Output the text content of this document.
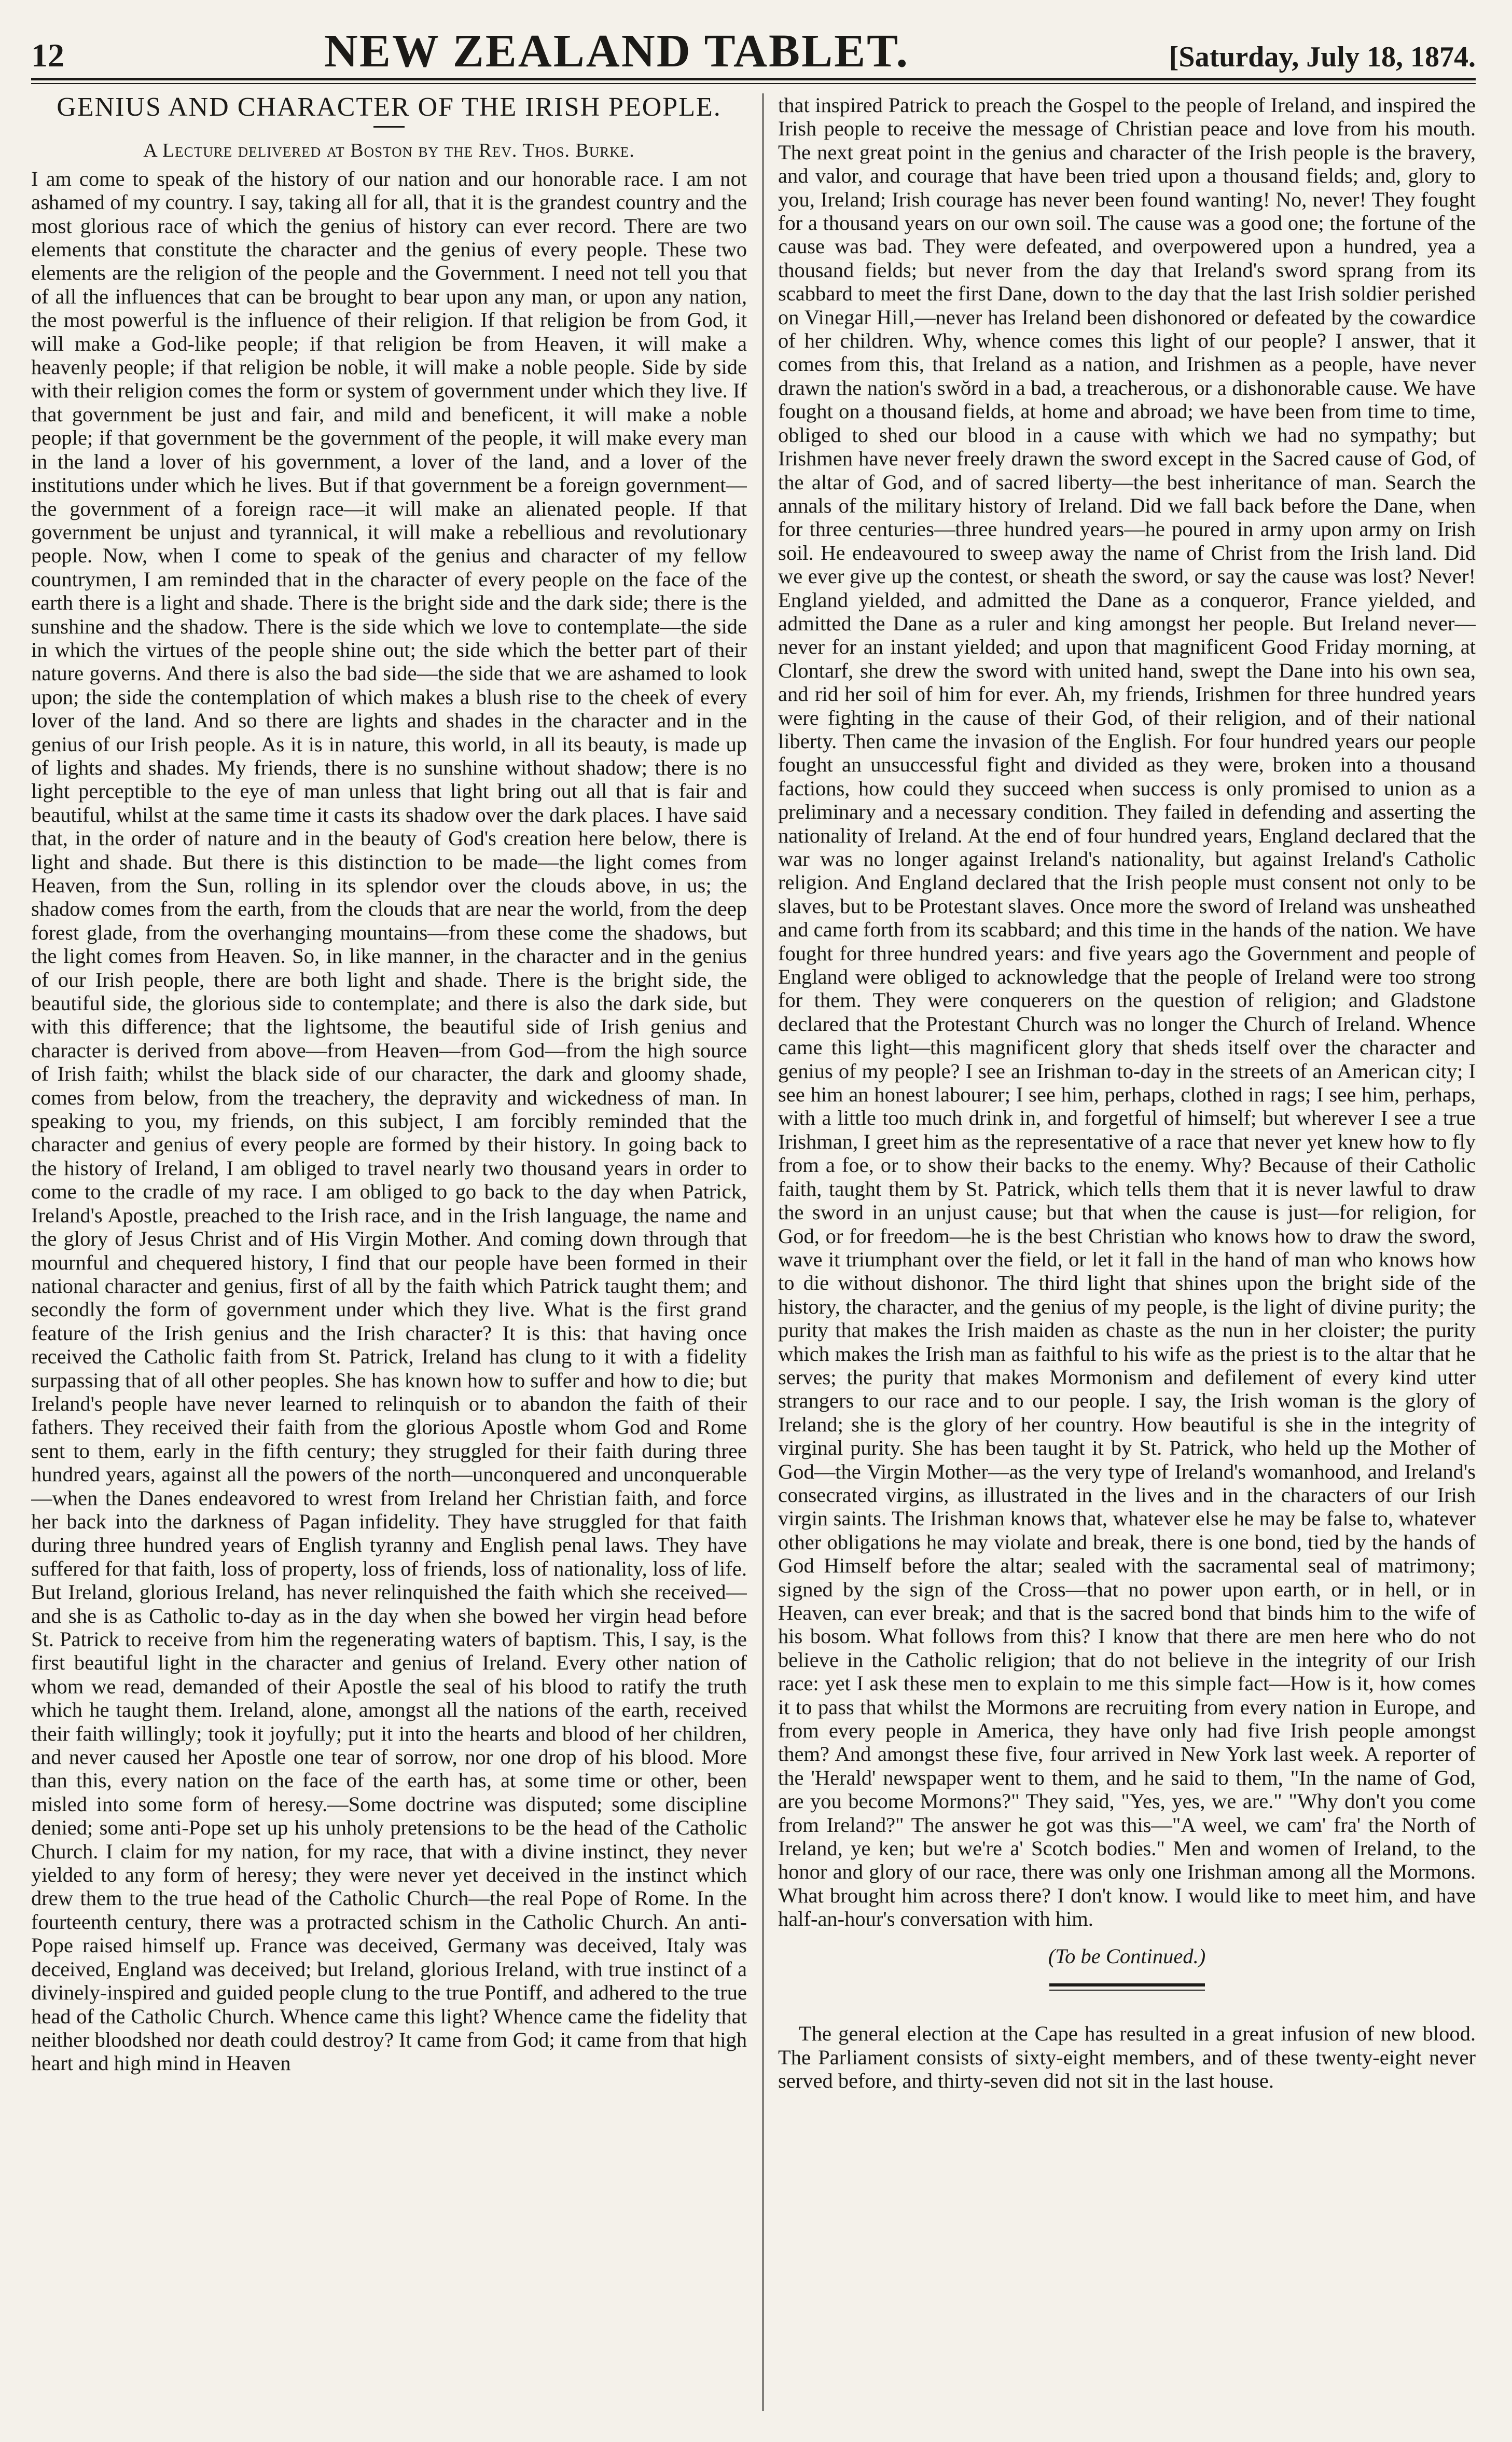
12	NEW ZEALAND TABLET.	[Saturday, July 18, 1874.
GENIUS AND CHARACTER OF THE IRISH PEOPLE.
A Lecture delivered at Boston by the Rev. Thos. Burke.

I am come to speak of the history of our nation and our honorable race. I am not ashamed of my country. I say, taking all for all, that it is the grandest country and the most glorious race of which the genius of history can ever record. There are two elements that constitute the character and the genius of every people. These two elements are the religion of the people and the Government. I need not tell you that of all the influences that can be brought to bear upon any man, or upon any nation, the most powerful is the influence of their religion. If that religion be from God, it will make a God-like people; if that religion be from Heaven, it will make a heavenly people; if that religion be noble, it will make a noble people. Side by side with their religion comes the form or system of government under which they live. If that government be just and fair, and mild and beneficent, it will make a noble people; if that government be the government of the people, it will make every man in the land a lover of his government, a lover of the land, and a lover of the institutions under which he lives. But if that government be a foreign government—the government of a foreign race—it will make an alienated people. If that government be unjust and tyrannical, it will make a rebellious and revolutionary people. Now, when I come to speak of the genius and character of my fellow countrymen, I am reminded that in the character of every people on the face of the earth there is a light and shade. There is the bright side and the dark side; there is the sunshine and the shadow. There is the side which we love to contemplate—the side in which the virtues of the people shine out; the side which the better part of their nature governs. And there is also the bad side—the side that we are ashamed to look upon; the side the contemplation of which makes a blush rise to the cheek of every lover of the land. And so there are lights and shades in the character and in the genius of our Irish people. As it is in nature, this world, in all its beauty, is made up of lights and shades. My friends, there is no sunshine without shadow; there is no light perceptible to the eye of man unless that light bring out all that is fair and beautiful, whilst at the same time it casts its shadow over the dark places. I have said that, in the order of nature and in the beauty of God's creation here below, there is light and shade. But there is this distinction to be made—the light comes from Heaven, from the Sun, rolling in its splendor over the clouds above, in us; the shadow comes from the earth, from the clouds that are near the world, from the deep forest glade, from the overhanging mountains—from these come the shadows, but the light comes from Heaven. So, in like manner, in the character and in the genius of our Irish people, there are both light and shade. There is the bright side, the beautiful side, the glorious side to contemplate; and there is also the dark side, but with this difference; that the lightsome, the beautiful side of Irish genius and character is derived from above—from Heaven—from God—from the high source of Irish faith; whilst the black side of our character, the dark and gloomy shade, comes from below, from the treachery, the depravity and wickedness of man. In speaking to you, my friends, on this subject, I am forcibly reminded that the character and genius of every people are formed by their history. In going back to the history of Ireland, I am obliged to travel nearly two thousand years in order to come to the cradle of my race. I am obliged to go back to the day when Patrick, Ireland's Apostle, preached to the Irish race, and in the Irish language, the name and the glory of Jesus Christ and of His Virgin Mother. And coming down through that mournful and chequered history, I find that our people have been formed in their national character and genius, first of all by the faith which Patrick taught them; and secondly the form of government under which they live. What is the first grand feature of the Irish genius and the Irish character? It is this: that having once received the Catholic faith from St. Patrick, Ireland has clung to it with a fidelity surpassing that of all other peoples. She has known how to suffer and how to die; but Ireland's people have never learned to relinquish or to abandon the faith of their fathers. They received their faith from the glorious Apostle whom God and Rome sent to them, early in the fifth century; they struggled for their faith during three hundred years, against all the powers of the north—unconquered and unconquerable—when the Danes endeavored to wrest from Ireland her Christian faith, and force her back into the darkness of Pagan infidelity. They have struggled for that faith during three hundred years of English tyranny and English penal laws. They have suffered for that faith, loss of property, loss of friends, loss of nationality, loss of life. But Ireland, glorious Ireland, has never relinquished the faith which she received—and she is as Catholic to-day as in the day when she bowed her virgin head before St. Patrick to receive from him the regenerating waters of baptism. This, I say, is the first beautiful light in the character and genius of Ireland. Every other nation of whom we read, demanded of their Apostle the seal of his blood to ratify the truth which he taught them. Ireland, alone, amongst all the nations of the earth, received their faith willingly; took it joyfully; put it into the hearts and blood of her children, and never caused her Apostle one tear of sorrow, nor one drop of his blood. More than this, every nation on the face of the earth has, at some time or other, been misled into some form of heresy.—Some doctrine was disputed; some discipline denied; some anti-Pope set up his unholy pretensions to be the head of the Catholic Church. I claim for my nation, for my race, that with a divine instinct, they never yielded to any form of heresy; they were never yet deceived in the instinct which drew them to the true head of the Catholic Church—the real Pope of Rome. In the fourteenth century, there was a protracted schism in the Catholic Church. An anti-Pope raised himself up. France was deceived, Germany was deceived, Italy was deceived, England was deceived; but Ireland, glorious Ireland, with true instinct of a divinely-inspired and guided people clung to the true Pontiff, and adhered to the true head of the Catholic Church. Whence came this light? Whence came the fidelity that neither bloodshed nor death could destroy? It came from God; it came from that high heart and high mind in Heaven

that inspired Patrick to preach the Gospel to the people of Ireland, and inspired the Irish people to receive the message of Christian peace and love from his mouth. The next great point in the genius and character of the Irish people is the bravery, and valor, and courage that have been tried upon a thousand fields; and, glory to you, Ireland; Irish courage has never been found wanting! No, never! They fought for a thousand years on our own soil. The cause was a good one; the fortune of the cause was bad. They were defeated, and overpowered upon a hundred, yea a thousand fields; but never from the day that Ireland's sword sprang from its scabbard to meet the first Dane, down to the day that the last Irish soldier perished on Vinegar Hill,—never has Ireland been dishonored or defeated by the cowardice of her children. Why, whence comes this light of our people? I answer, that it comes from this, that Ireland as a nation, and Irishmen as a people, have never drawn the nation's swŏrd in a bad, a treacherous, or a dishonorable cause. We have fought on a thousand fields, at home and abroad; we have been from time to time, obliged to shed our blood in a cause with which we had no sympathy; but Irishmen have never freely drawn the sword except in the Sacred cause of God, of the altar of God, and of sacred liberty—the best inheritance of man. Search the annals of the military history of Ireland. Did we fall back before the Dane, when for three centuries—three hundred years—he poured in army upon army on Irish soil. He endeavoured to sweep away the name of Christ from the Irish land. Did we ever give up the contest, or sheath the sword, or say the cause was lost? Never! England yielded, and admitted the Dane as a conqueror, France yielded, and admitted the Dane as a ruler and king amongst her people. But Ireland never—never for an instant yielded; and upon that magnificent Good Friday morning, at Clontarf, she drew the sword with united hand, swept the Dane into his own sea, and rid her soil of him for ever. Ah, my friends, Irishmen for three hundred years were fighting in the cause of their God, of their religion, and of their national liberty. Then came the invasion of the English. For four hundred years our people fought an unsuccessful fight and divided as they were, broken into a thousand factions, how could they succeed when success is only promised to union as a preliminary and a necessary condition. They failed in defending and asserting the nationality of Ireland. At the end of four hundred years, England declared that the war was no longer against Ireland's nationality, but against Ireland's Catholic religion. And England declared that the Irish people must consent not only to be slaves, but to be Protestant slaves. Once more the sword of Ireland was unsheathed and came forth from its scabbard; and this time in the hands of the nation. We have fought for three hundred years: and five years ago the Government and people of England were obliged to acknowledge that the people of Ireland were too strong for them. They were conquerers on the question of religion; and Gladstone declared that the Protestant Church was no longer the Church of Ireland. Whence came this light—this magnificent glory that sheds itself over the character and genius of my people? I see an Irishman to-day in the streets of an American city; I see him an honest labourer; I see him, perhaps, clothed in rags; I see him, perhaps, with a little too much drink in, and forgetful of himself; but wherever I see a true Irishman, I greet him as the representative of a race that never yet knew how to fly from a foe, or to show their backs to the enemy. Why? Because of their Catholic faith, taught them by St. Patrick, which tells them that it is never lawful to draw the sword in an unjust cause; but that when the cause is just—for religion, for God, or for freedom—he is the best Christian who knows how to draw the sword, wave it triumphant over the field, or let it fall in the hand of man who knows how to die without dishonor. The third light that shines upon the bright side of the history, the character, and the genius of my people, is the light of divine purity; the purity that makes the Irish maiden as chaste as the nun in her cloister; the purity which makes the Irish man as faithful to his wife as the priest is to the altar that he serves; the purity that makes Mormonism and defilement of every kind utter strangers to our race and to our people. I say, the Irish woman is the glory of Ireland; she is the glory of her country. How beautiful is she in the integrity of virginal purity. She has been taught it by St. Patrick, who held up the Mother of God—the Virgin Mother—as the very type of Ireland's womanhood, and Ireland's consecrated virgins, as illustrated in the lives and in the characters of our Irish virgin saints. The Irishman knows that, whatever else he may be false to, whatever other obligations he may violate and break, there is one bond, tied by the hands of God Himself before the altar; sealed with the sacramental seal of matrimony; signed by the sign of the Cross—that no power upon earth, or in hell, or in Heaven, can ever break; and that is the sacred bond that binds him to the wife of his bosom. What follows from this? I know that there are men here who do not believe in the Catholic religion; that do not believe in the integrity of our Irish race: yet I ask these men to explain to me this simple fact—How is it, how comes it to pass that whilst the Mormons are recruiting from every nation in Europe, and from every people in America, they have only had five Irish people amongst them? And amongst these five, four arrived in New York last week. A reporter of the 'Herald' newspaper went to them, and he said to them, "In the name of God, are you become Mormons?" They said, "Yes, yes, we are." "Why don't you come from Ireland?" The answer he got was this—"A weel, we cam' fra' the North of Ireland, ye ken; but we're a' Scotch bodies." Men and women of Ireland, to the honor and glory of our race, there was only one Irishman among all the Mormons. What brought him across there? I don't know. I would like to meet him, and have half-an-hour's conversation with him.

(To be Continued.)

The general election at the Cape has resulted in a great infusion of new blood. The Parliament consists of sixty-eight members, and of these twenty-eight never served before, and thirty-seven did not sit in the last house.
